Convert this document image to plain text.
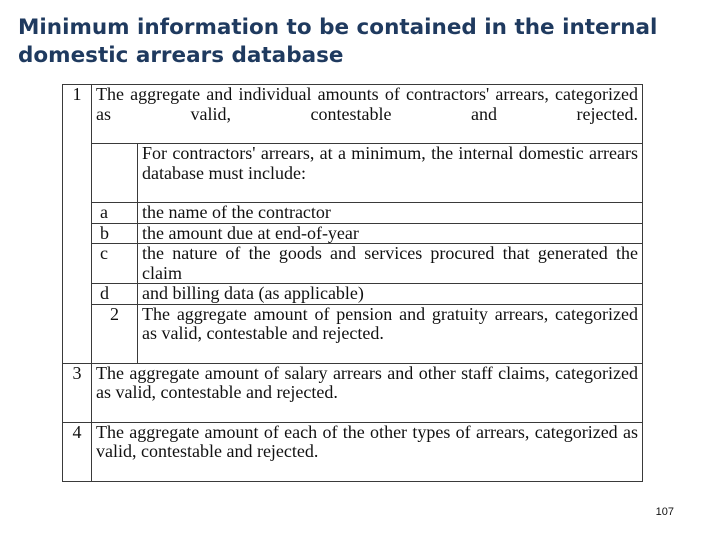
Minimum information to be contained in the internal domestic arrears database
1	The aggregate and individual amounts of contractors' arrears, categorized as valid, contestable and rejected.	
		For contractors' arrears, at a minimum, the internal domestic arrears database must include:
	a	the name of the contractor
	b	the amount due at end-of-year
	c	the nature of the goods and services procured that generated the claim
	d	and billing data (as applicable)
	2	The aggregate amount of pension and gratuity arrears, categorized as valid, contestable and rejected.
3	The aggregate amount of salary arrears and other staff claims, categorized as valid, contestable and rejected.	
4	The aggregate amount of each of the other types of arrears, categorized as valid, contestable and rejected.	
107
